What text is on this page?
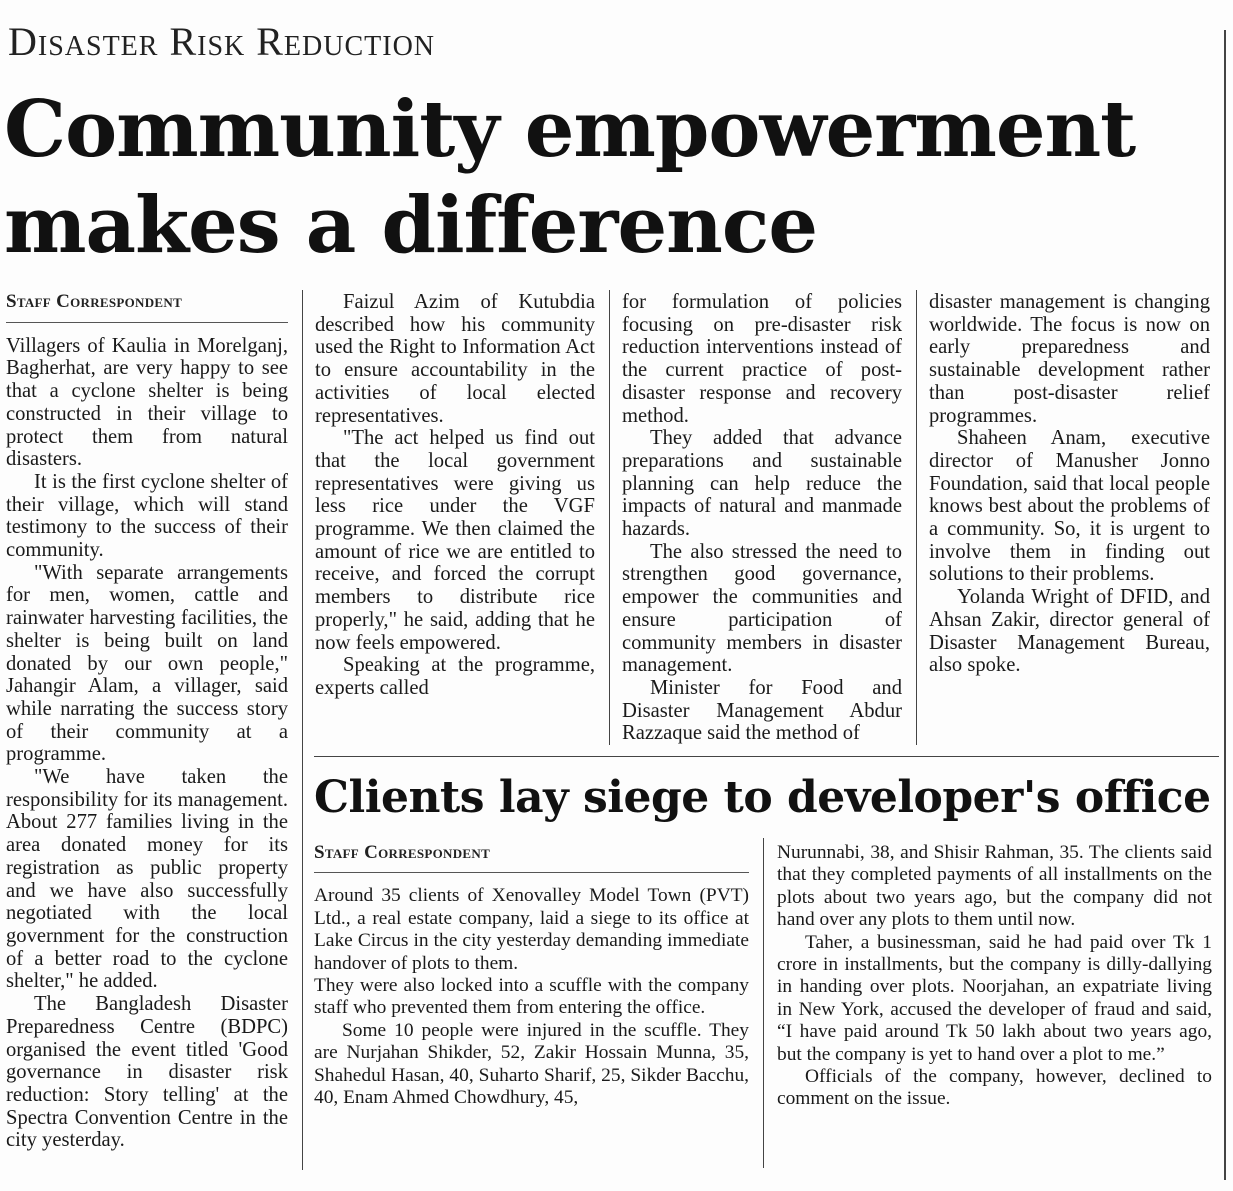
Disaster Risk Reduction
Community empowerment makes a difference
Staff Correspondent

Villagers of Kaulia in Morelganj, Bagherhat, are very happy to see that a cyclone shelter is being constructed in their village to protect them from natural disasters.

It is the first cyclone shelter of their village, which will stand testimony to the success of their community.

"With separate arrangements for men, women, cattle and rainwater harvesting facilities, the shelter is being built on land donated by our own people," Jahangir Alam, a villager, said while narrating the success story of their community at a programme.

"We have taken the responsibility for its management. About 277 families living in the area donated money for its registration as public property and we have also successfully negotiated with the local government for the construction of a better road to the cyclone shelter," he added.

The Bangladesh Disaster Preparedness Centre (BDPC) organised the event titled 'Good governance in disaster risk reduction: Story telling' at the Spectra Convention Centre in the city yesterday.

Faizul Azim of Kutubdia described how his community used the Right to Information Act to ensure accountability in the activities of local elected representatives.

"The act helped us find out that the local government representatives were giving us less rice under the VGF programme. We then claimed the amount of rice we are entitled to receive, and forced the corrupt members to distribute rice properly," he said, adding that he now feels empowered.

Speaking at the programme, experts called

for formulation of policies focusing on pre-disaster risk reduction interventions instead of the current practice of post-disaster response and recovery method.

They added that advance preparations and sustainable planning can help reduce the impacts of natural and manmade hazards.

The also stressed the need to strengthen good governance, empower the communities and ensure participation of community members in disaster management.

Minister for Food and Disaster Management Abdur Razzaque said the method of

disaster management is changing worldwide. The focus is now on early preparedness and sustainable development rather than post-disaster relief programmes.

Shaheen Anam, executive director of Manusher Jonno Foundation, said that local people knows best about the problems of a community. So, it is urgent to involve them in finding out solutions to their problems.

Yolanda Wright of DFID, and Ahsan Zakir, director general of Disaster Management Bureau, also spoke.

Clients lay siege to developer's office
Staff Correspondent

Around 35 clients of Xenovalley Model Town (PVT) Ltd., a real estate company, laid a siege to its office at Lake Circus in the city yesterday demanding immediate handover of plots to them.

They were also locked into a scuffle with the company staff who prevented them from entering the office.

Some 10 people were injured in the scuffle. They are Nurjahan Shikder, 52, Zakir Hossain Munna, 35, Shahedul Hasan, 40, Suharto Sharif, 25, Sikder Bacchu, 40, Enam Ahmed Chowdhury, 45,

Nurunnabi, 38, and Shisir Rahman, 35. The clients said that they completed payments of all installments on the plots about two years ago, but the company did not hand over any plots to them until now.

Taher, a businessman, said he had paid over Tk 1 crore in installments, but the company is dilly-dallying in handing over plots. Noorjahan, an expatriate living in New York, accused the developer of fraud and said, “I have paid around Tk 50 lakh about two years ago, but the company is yet to hand over a plot to me.”

Officials of the company, however, declined to comment on the issue.
